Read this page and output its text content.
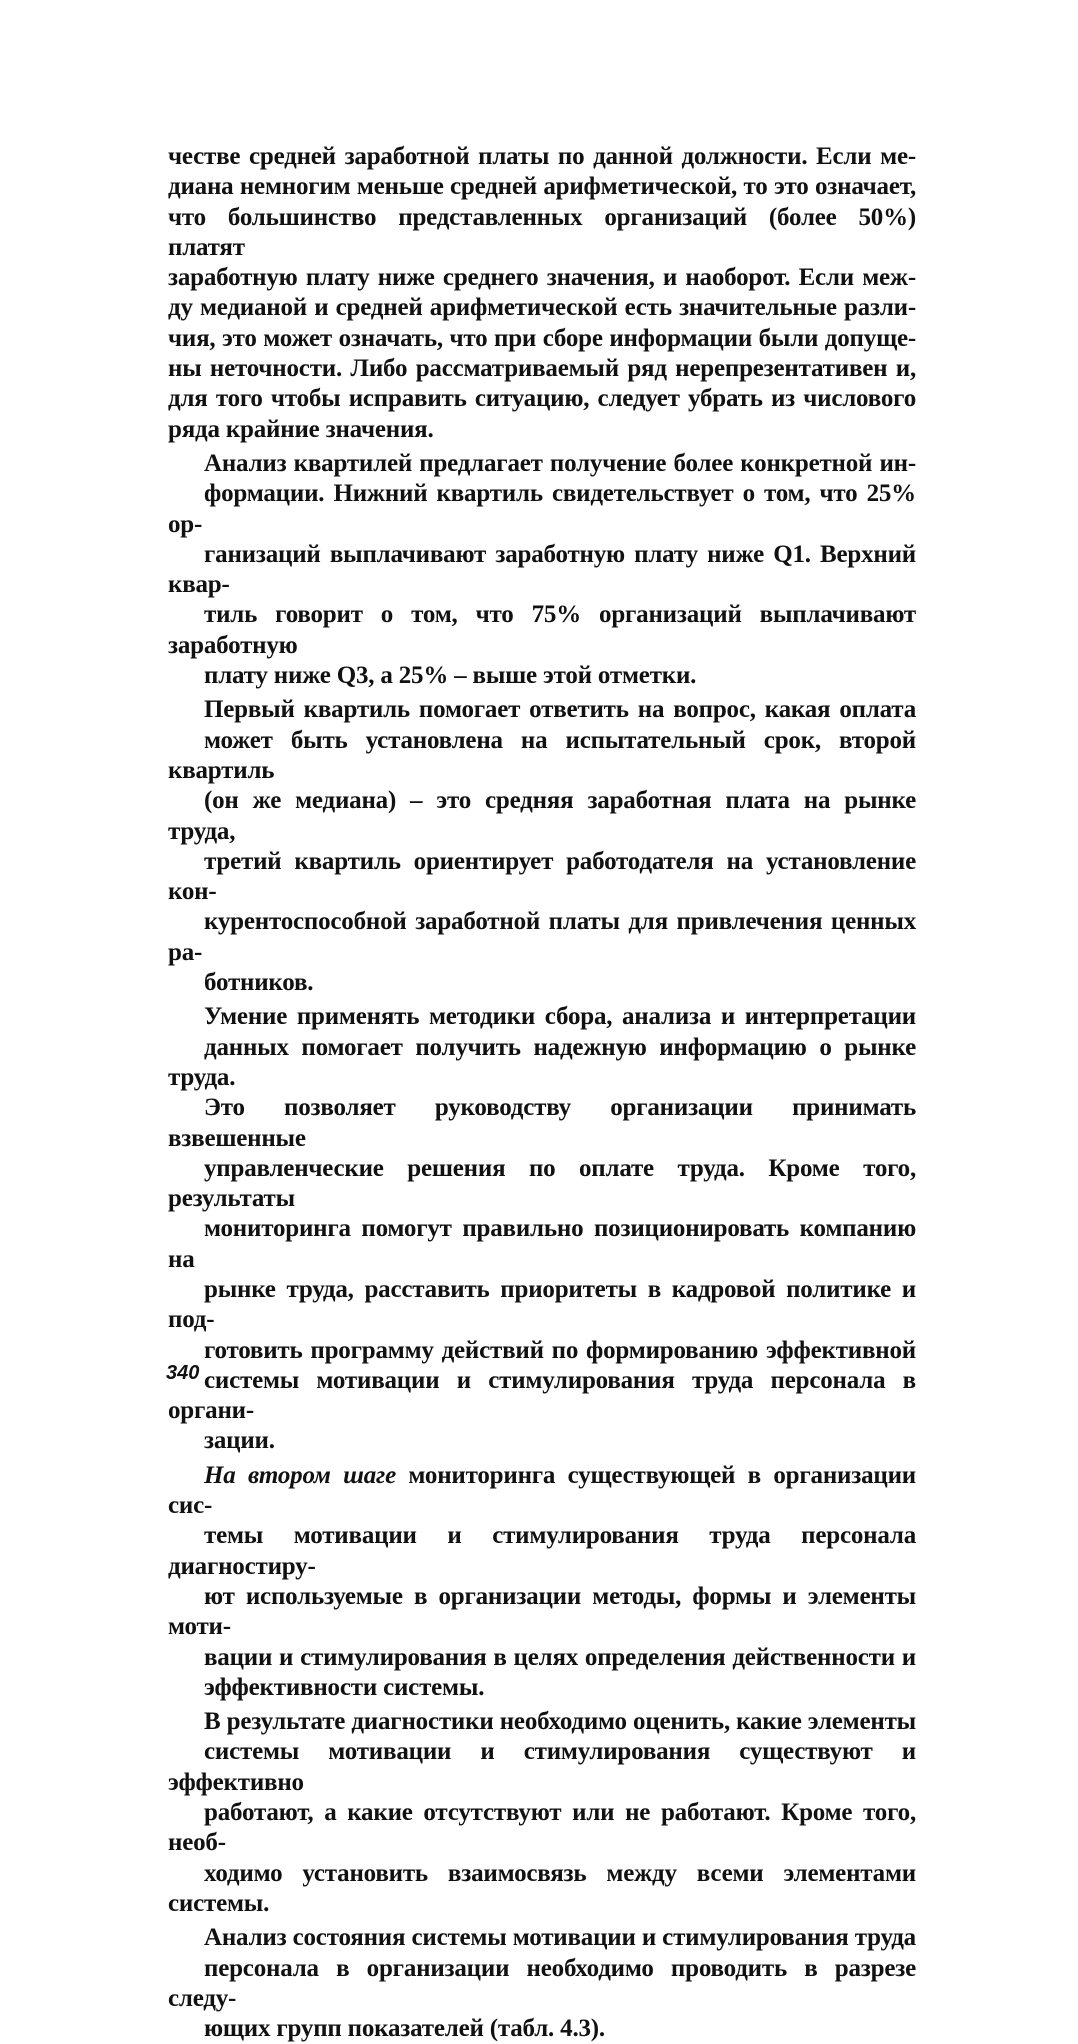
честве средней заработной платы по данной должности. Если ме-
диана немногим меньше средней арифметической, то это означает,
что большинство представленных организаций (более 50%) платят
заработную плату ниже среднего значения, и наоборот. Если меж-
ду медианой и средней арифметической есть значительные разли-
чия, это может означать, что при сборе информации были допуще-
ны неточности. Либо рассматриваемый ряд нерепрезентативен и,
для того чтобы исправить ситуацию, следует убрать из числового
ряда крайние значения.

Анализ квартилей предлагает получение более конкретной ин-
формации. Нижний квартиль свидетельствует о том, что 25% ор-
ганизаций выплачивают заработную плату ниже Q1. Верхний квар-
тиль говорит о том, что 75% организаций выплачивают заработную
плату ниже Q3, а 25% – выше этой отметки.

Первый квартиль помогает ответить на вопрос, какая оплата
может быть установлена на испытательный срок, второй квартиль
(он же медиана) – это средняя заработная плата на рынке труда,
третий квартиль ориентирует работодателя на установление кон-
курентоспособной заработной платы для привлечения ценных ра-
ботников.

Умение применять методики сбора, анализа и интерпретации
данных помогает получить надежную информацию о рынке труда.
Это позволяет руководству организации принимать взвешенные
управленческие решения по оплате труда. Кроме того, результаты
мониторинга помогут правильно позиционировать компанию на
рынке труда, расставить приоритеты в кадровой политике и под-
готовить программу действий по формированию эффективной
системы мотивации и стимулирования труда персонала в органи-
зации.

На втором шаге мониторинга существующей в организации сис-
темы мотивации и стимулирования труда персонала диагностиру-
ют используемые в организации методы, формы и элементы моти-
вации и стимулирования в целях определения действенности и
эффективности системы.

В результате диагностики необходимо оценить, какие элементы
системы мотивации и стимулирования существуют и эффективно
работают, а какие отсутствуют или не работают. Кроме того, необ-
ходимо установить взаимосвязь между всеми элементами системы.

Анализ состояния системы мотивации и стимулирования труда
персонала в организации необходимо проводить в разрезе следу-
ющих групп показателей (табл. 4.3).

340
